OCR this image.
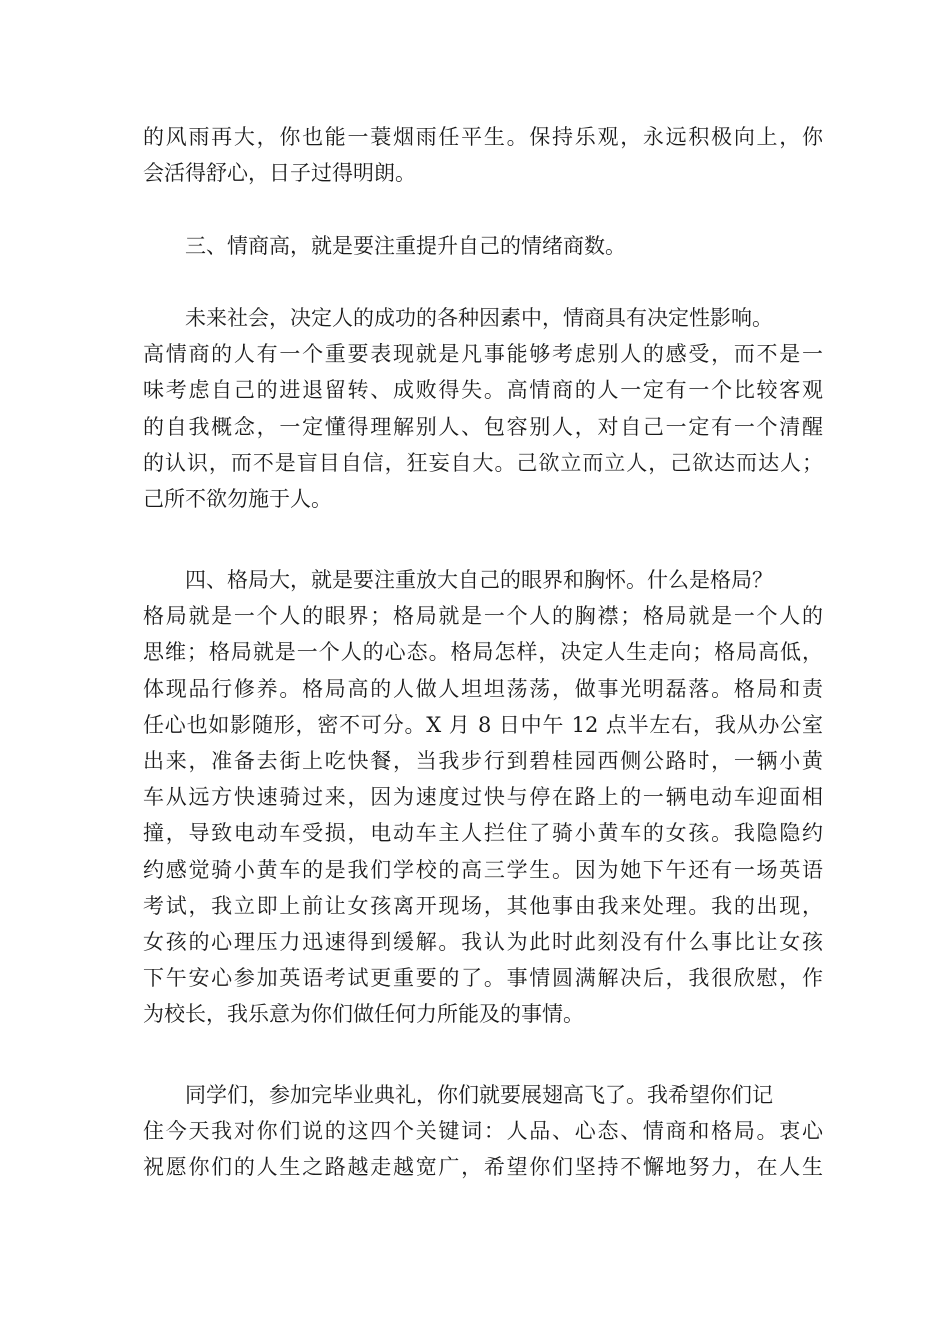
的风雨再大，你也能一蓑烟雨任平生。保持乐观，永远积极向上，你
会活得舒心，日子过得明朗。
三、情商高，就是要注重提升自己的情绪商数。
未来社会，决定人的成功的各种因素中，情商具有决定性影响。
高情商的人有一个重要表现就是凡事能够考虑别人的感受，而不是一
味考虑自己的进退留转、成败得失。高情商的人一定有一个比较客观
的自我概念，一定懂得理解别人、包容别人，对自己一定有一个清醒
的认识，而不是盲目自信，狂妄自大。己欲立而立人，己欲达而达人；
己所不欲勿施于人。
四、格局大，就是要注重放大自己的眼界和胸怀。什么是格局？
格局就是一个人的眼界；格局就是一个人的胸襟；格局就是一个人的
思维；格局就是一个人的心态。格局怎样，决定人生走向；格局高低，
体现品行修养。格局高的人做人坦坦荡荡，做事光明磊落。格局和责
任心也如影随形，密不可分。X 月 8 日中午 12 点半左右，我从办公室
出来，准备去街上吃快餐，当我步行到碧桂园西侧公路时，一辆小黄
车从远方快速骑过来，因为速度过快与停在路上的一辆电动车迎面相
撞，导致电动车受损，电动车主人拦住了骑小黄车的女孩。我隐隐约
约感觉骑小黄车的是我们学校的高三学生。因为她下午还有一场英语
考试，我立即上前让女孩离开现场，其他事由我来处理。我的出现，
女孩的心理压力迅速得到缓解。我认为此时此刻没有什么事比让女孩
下午安心参加英语考试更重要的了。事情圆满解决后，我很欣慰，作
为校长，我乐意为你们做任何力所能及的事情。
同学们，参加完毕业典礼，你们就要展翅高飞了。我希望你们记
住今天我对你们说的这四个关键词：人品、心态、情商和格局。衷心
祝愿你们的人生之路越走越宽广，希望你们坚持不懈地努力，在人生
